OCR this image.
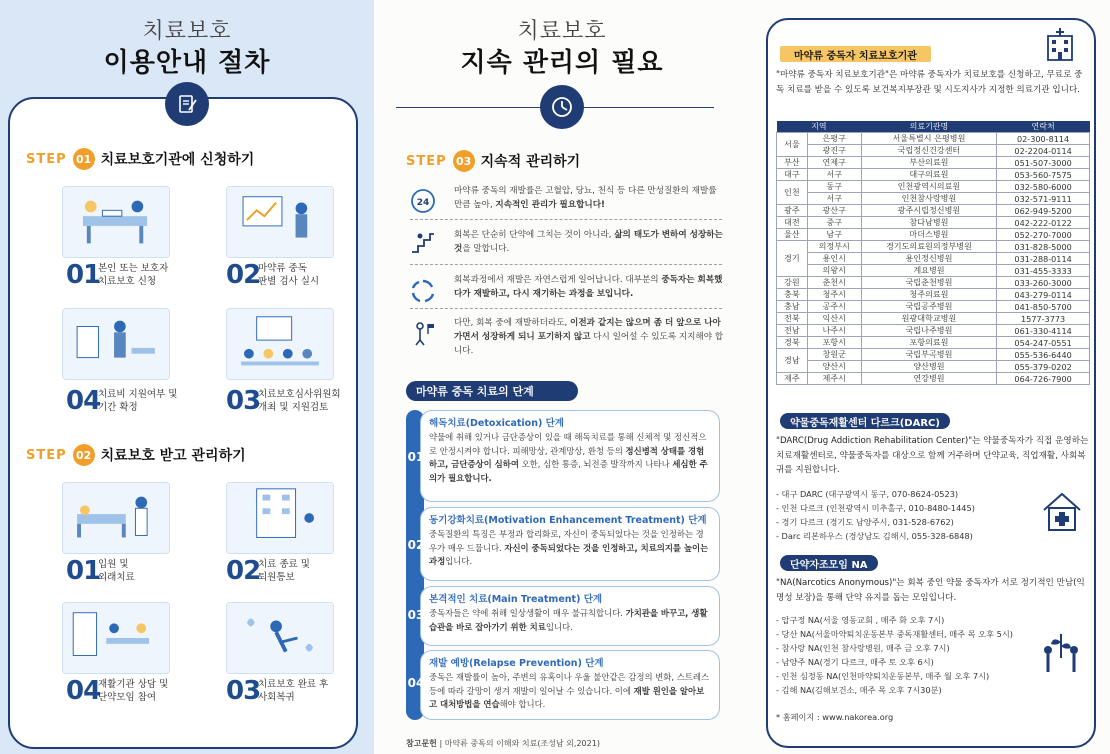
치료보호
이용안내 절차
STEP 01 치료보호기관에 신청하기
01
본인 또는 보호자
치료보호 신청	02
마약류 중독
판별 검사 실시
04
치료비 지원여부 및
기간 확정	03
치료보호심사위원회
개최 및 지원검토
STEP 02 치료보호 받고 관리하기
01
입원 및
외래치료	02
치료 종료 및
퇴원통보
04
재활기관 상담 및
단약모임 참여	03
치료보호 완료 후
사회복귀
치료보호
지속 관리의 필요
STEP 03 지속적 관리하기
24
마약류 중독의 재발률은 고혈압, 당뇨, 천식 등 다른 만성질환의 재발률만큼 높아, 지속적인 관리가 필요합니다!
회복은 단순히 단약에 그치는 것이 아니라, 삶의 태도가 변하여 성장하는 것을 말합니다.
회복과정에서 재발은 자연스럽게 일어납니다. 대부분의 중독자는 회복했다가 재발하고, 다시 재기하는 과정을 보입니다.
다만, 회복 중에 재발하더라도, 이전과 같지는 않으며 좀 더 앞으로 나아가면서 성장하게 되니 포기하지 않고 다시 일어설 수 있도록 지지해야 합니다.
마약류 중독 치료의 단계
해독치료(Detoxication) 단계
약물에 취해 있거나 금단증상이 있을 때 해독치료를 통해 신체적 및 정신적으로 안정시켜야 합니다. 피해망상, 관계망상, 환청 등의 정신병적 상태를 경험하고, 금단증상이 심하여 오한, 심한 통증, 뇌전증 발작까지 나타나 세심한 주의가 필요합니다.
01
동기강화치료(Motivation Enhancement Treatment) 단계
중독질환의 특징은 부정과 합리화로, 자신이 중독되었다는 것을 인정하는 경우가 매우 드뭅니다. 자신이 중독되었다는 것을 인정하고, 치료의지를 높이는 과정입니다.
02
본격적인 치료(Main Treatment) 단계
중독자들은 약에 취해 일상생활이 매우 불규칙합니다. 가치관을 바꾸고, 생활 습관을 바로 잡아가기 위한 치료입니다.
03
재발 예방(Relapse Prevention) 단계
중독은 재발률이 높아, 주변의 유혹이나 우울 불안같은 감정의 변화, 스트레스 등에 따라 갈망이 생겨 재발이 일어날 수 있습니다. 이에 재발 원인을 알아보고 대처방법을 연습해야 합니다.
04
참고문헌 | 마약류 중독의 이해와 치료(조성남 외,2021)
마약류 중독자 치료보호기관
"마약류 중독자 치료보호기관"은 마약류 중독자가 치료보호를 신청하고, 무료로 중독 치료를 받을 수 있도록 보건복지부장관 및 시도지사가 지정한 의료기관 입니다.
지역		의료기관명	연락처
서울	은평구	서울특별시 은평병원	02-300-8114
	광진구	국립정신건강센터	02-2204-0114
부산	연제구	부산의료원	051-507-3000
대구	서구	대구의료원	053-560-7575
인천	동구	인천광역시의료원	032-580-6000
	서구	인천참사랑병원	032-571-9111
광주	광산구	광주시립정신병원	062-949-5200
대전	중구	참다남병원	042-222-0122
울산	남구	마더스병원	052-270-7000
경기	의정부시	경기도의료원의정부병원	031-828-5000
	용인시	용인정신병원	031-288-0114
	의왕시	계요병원	031-455-3333
강원	춘천시	국립춘천병원	033-260-3000
충북	청주시	청주의료원	043-279-0114
충남	공주시	국립공주병원	041-850-5700
전북	익산시	원광대학교병원	1577-3773
전남	나주시	국립나주병원	061-330-4114
경북	포항시	포항의료원	054-247-0551
경남	창원군	국립부곡병원	055-536-6440
	양산시	양산병원	055-379-0202
제주	제주시	연강병원	064-726-7900
약물중독재활센터 다르크(DARC)
"DARC(Drug Addiction Rehabilitation Center)"는 약물중독자가 직접 운영하는 치료재활센터로, 약물중독자를 대상으로 함께 거주하며 단약교육, 직업재활, 사회복귀를 지원합니다.
- 대구 DARC (대구광역시 동구, 070-8624-0523)
- 인천 다르크 (인천광역시 미추홀구, 010-8480-1445)
- 경기 다르크 (경기도 남양주시, 031-528-6762)
- Darc 리본하우스 (경상남도 김해시, 055-328-6848)
단약자조모임 NA
"NA(Narcotics Anonymous)"는 회복 중인 약물 중독자가 서로 정기적인 만남(익명성 보장)을 통해 단약 유지를 돕는 모임입니다.
- 압구정 NA(서울 영동교회 , 매주 화 오후 7시)
- 당산 NA(서울마약퇴치운동본부 중독재활센터, 매주 목 오후 5시)
- 참사랑 NA(인천 참사랑병원, 매주 금 오후 7시)
- 남양주 NA(경기 다르크, 매주 토 오후 6시)
- 인천 심정동 NA(인천마약퇴치운동본부, 매주 월 오후 7시)
- 김해 NA(김해보건소, 매주 목 오후 7시30분)
* 홈페이지 : www.nakorea.org
